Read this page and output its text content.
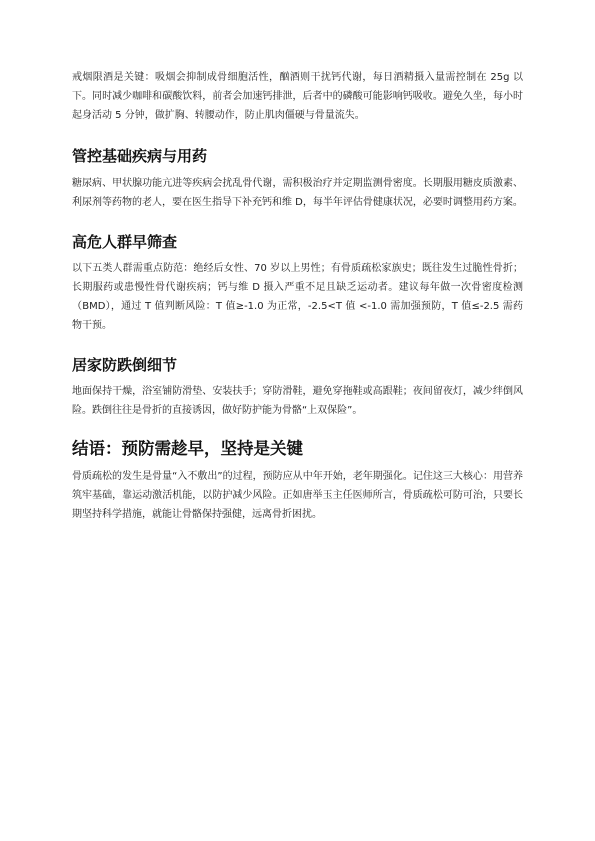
戒烟限酒是关键：吸烟会抑制成骨细胞活性，酗酒则干扰钙代谢，每日酒精摄入量需控制在 25g 以下。同时减少咖啡和碳酸饮料，前者会加速钙排泄，后者中的磷酸可能影响钙吸收。避免久坐，每小时起身活动 5 分钟，做扩胸、转腰动作，防止肌肉僵硬与骨量流失。

管控基础疾病与用药

糖尿病、甲状腺功能亢进等疾病会扰乱骨代谢，需积极治疗并定期监测骨密度。长期服用糖皮质激素、利尿剂等药物的老人，要在医生指导下补充钙和维 D，每半年评估骨健康状况，必要时调整用药方案。

高危人群早筛查

以下五类人群需重点防范：绝经后女性、70 岁以上男性；有骨质疏松家族史；既往发生过脆性骨折；长期服药或患慢性骨代谢疾病；钙与维 D 摄入严重不足且缺乏运动者。建议每年做一次骨密度检测（BMD），通过 T 值判断风险：T 值≥-1.0 为正常，-2.5<T 值 <-1.0 需加强预防，T 值≤-2.5 需药物干预。

居家防跌倒细节

地面保持干燥，浴室铺防滑垫、安装扶手；穿防滑鞋，避免穿拖鞋或高跟鞋；夜间留夜灯，减少绊倒风险。跌倒往往是骨折的直接诱因，做好防护能为骨骼“上双保险”。

结语：预防需趁早，坚持是关键

骨质疏松的发生是骨量“入不敷出”的过程，预防应从中年开始，老年期强化。记住这三大核心：用营养筑牢基础，靠运动激活机能，以防护减少风险。正如唐举玉主任医师所言，骨质疏松可防可治，只要长期坚持科学措施，就能让骨骼保持强健，远离骨折困扰。
